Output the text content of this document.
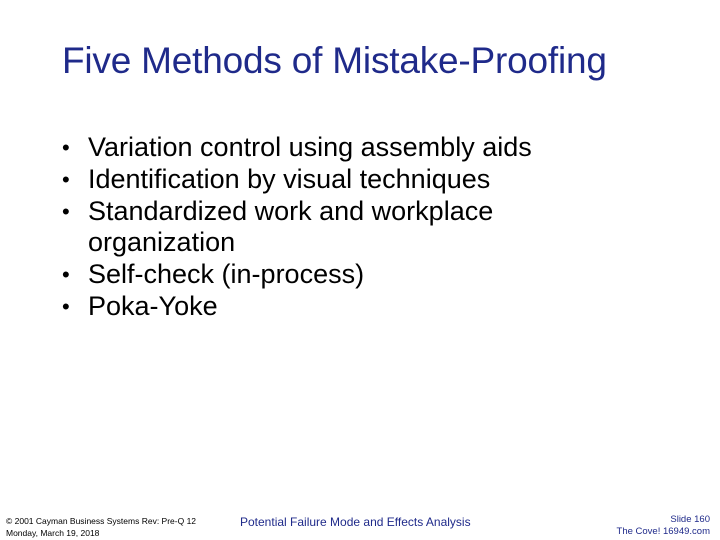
Five Methods of Mistake-Proofing
• Variation control using assembly aids
• Identification by visual techniques
• Standardized work and workplace
organization
• Self-check (in-process)
• Poka-Yoke
© 2001 Cayman Business Systems Rev: Pre-Q 12
Monday, March 19, 2018
Potential Failure Mode and Effects Analysis	Slide 160
The Cove! 16949.com
